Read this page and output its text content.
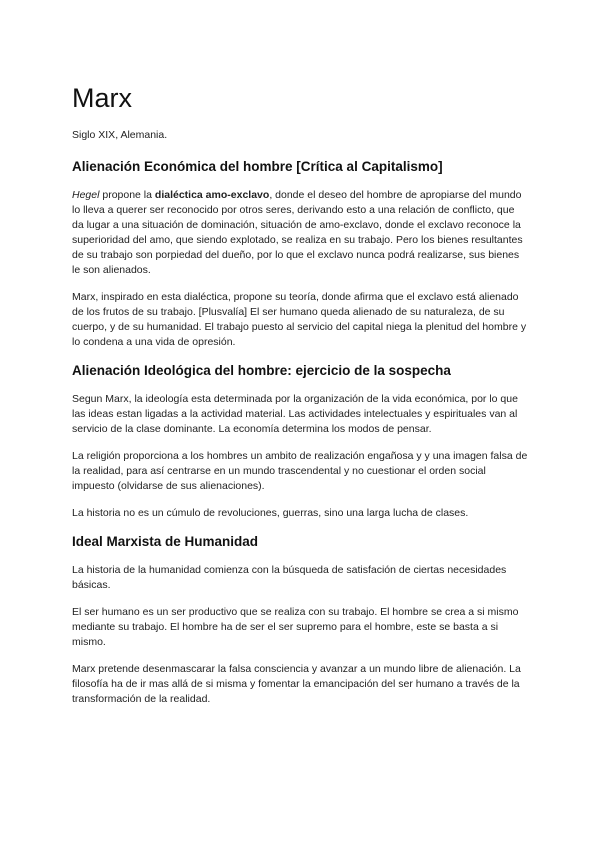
Marx
Siglo XIX, Alemania.
Alienación Económica del hombre [Crítica al Capitalismo]

Hegel propone la dialéctica amo-exclavo, donde el deseo del hombre de apropiarse del mundo lo lleva a querer ser reconocido por otros seres, derivando esto a una relación de conflicto, que da lugar a una situación de dominación, situación de amo-exclavo, donde el exclavo reconoce la superioridad del amo, que siendo explotado, se realiza en su trabajo. Pero los bienes resultantes de su trabajo son porpiedad del dueño, por lo que el exclavo nunca podrá realizarse, sus bienes le son alienados.

Marx, inspirado en esta dialéctica, propone su teoría, donde afirma que el exclavo está alienado de los frutos de su trabajo. [Plusvalía] El ser humano queda alienado de su naturaleza, de su cuerpo, y de su humanidad. El trabajo puesto al servicio del capital niega la plenitud del hombre y lo condena a una vida de opresión.

Alienación Ideológica del hombre: ejercicio de la sospecha

Segun Marx, la ideología esta determinada por la organización de la vida económica, por lo que las ideas estan ligadas a la actividad material. Las actividades intelectuales y espirituales van al servicio de la clase dominante. La economía determina los modos de pensar.

La religión proporciona a los hombres un ambito de realización engañosa y y una imagen falsa de la realidad, para así centrarse en un mundo trascendental y no cuestionar el orden social impuesto (olvidarse de sus alienaciones).

La historia no es un cúmulo de revoluciones, guerras, sino una larga lucha de clases.

Ideal Marxista de Humanidad

La historia de la humanidad comienza con la búsqueda de satisfación de ciertas necesidades básicas.

El ser humano es un ser productivo que se realiza con su trabajo. El hombre se crea a si mismo mediante su trabajo. El hombre ha de ser el ser supremo para el hombre, este se basta a si mismo.

Marx pretende desenmascarar la falsa consciencia y avanzar a un mundo libre de alienación. La filosofía ha de ir mas allá de si misma y fomentar la emancipación del ser humano a través de la transformación de la realidad.
